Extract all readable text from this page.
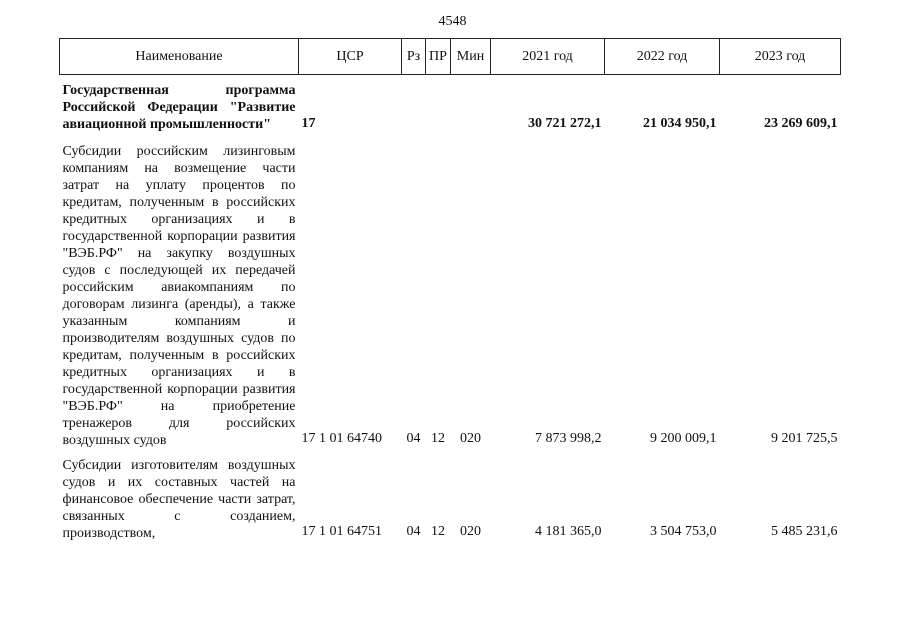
4548
Наименование	ЦСР	Рз	ПР	Мин	2021 год	2022 год	2023 год
Государственная программа Российской Федерации "Развитие авиационной промышленности"	17				30 721 272,1	21 034 950,1	23 269 609,1
Субсидии российским лизинговым компаниям на возмещение части затрат на уплату процентов по кредитам, полученным в российских кредитных организациях и в государственной корпорации развития "ВЭБ.РФ" на закупку воздушных судов с последующей их передачей российским авиакомпаниям по договорам лизинга (аренды), а также указанным компаниям и производителям воздушных судов по кредитам, полученным в российских кредитных организациях и в государственной корпорации развития "ВЭБ.РФ" на приобретение тренажеров для российских воздушных судов	17 1 01 64740	04	12	020	7 873 998,2	9 200 009,1	9 201 725,5
Субсидии изготовителям воздушных судов и их составных частей на финансовое обеспечение части затрат, связанных с созданием, производством,	17 1 01 64751	04	12	020	4 181 365,0	3 504 753,0	5 485 231,6
